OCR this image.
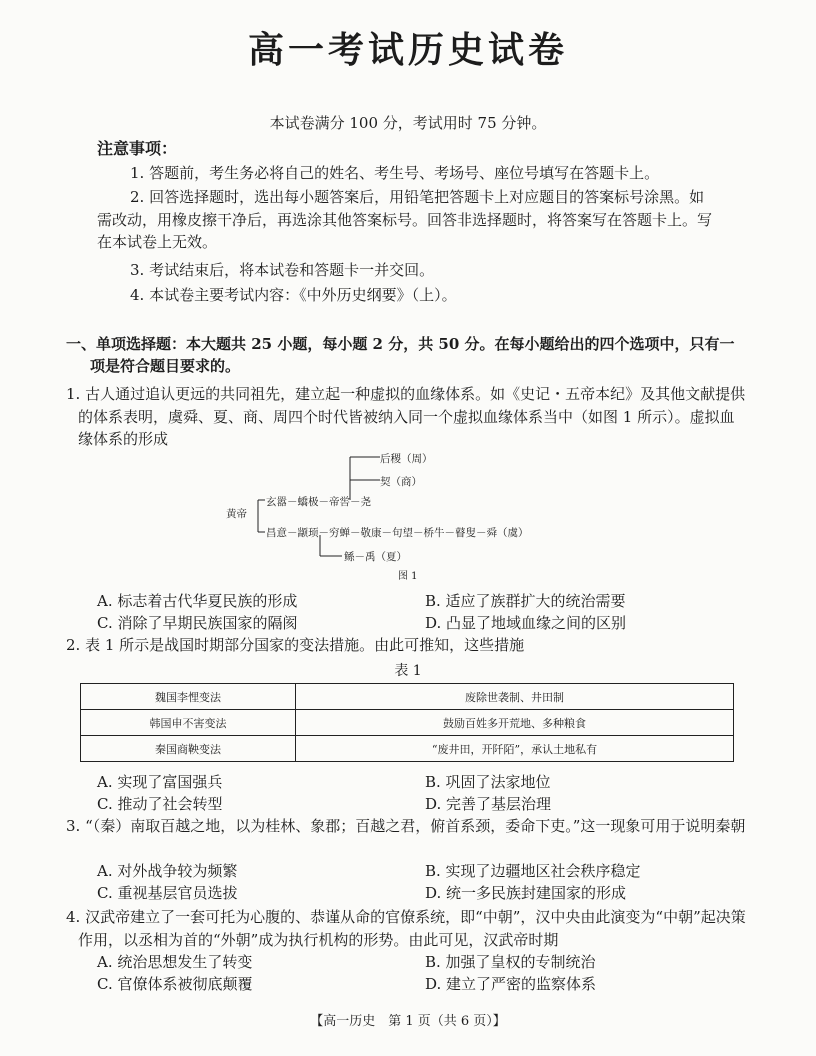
高一考试历史试卷
本试卷满分 100 分，考试用时 75 分钟。
注意事项：
1. 答题前，考生务必将自己的姓名、考生号、考场号、座位号填写在答题卡上。
2. 回答选择题时，选出每小题答案后，用铅笔把答题卡上对应题目的答案标号涂黑。如需改动，用橡皮擦干净后，再选涂其他答案标号。回答非选择题时，将答案写在答题卡上。写在本试卷上无效。
3. 考试结束后，将本试卷和答题卡一并交回。
4. 本试卷主要考试内容：《中外历史纲要》（上）。
一、单项选择题：本大题共 25 小题，每小题 2 分，共 50 分。在每小题给出的四个选项中，只有一项是符合题目要求的。
1. 古人通过追认更远的共同祖先，建立起一种虚拟的血缘体系。如《史记・五帝本纪》及其他文献提供的体系表明，虞舜、夏、商、周四个时代皆被纳入同一个虚拟血缘体系当中（如图 1 所示）。虚拟血缘体系的形成
后稷（周）
契（商）
黄帝
玄嚣－蟜极－帝喾－尧
昌意－颛顼－穷蝉－敬康－句望－桥牛－瞽叟－舜（虞）
鲧－禹（夏）
图 1
A. 标志着古代华夏民族的形成	B. 适应了族群扩大的统治需要
C. 消除了早期民族国家的隔阂	D. 凸显了地域血缘之间的区别
2. 表 1 所示是战国时期部分国家的变法措施。由此可推知，这些措施
表 1
魏国李悝变法	废除世袭制、井田制
韩国申不害变法	鼓励百姓多开荒地、多种粮食
秦国商鞅变法	“废井田，开阡陌”，承认土地私有
A. 实现了富国强兵	B. 巩固了法家地位
C. 推动了社会转型	D. 完善了基层治理
3. “（秦）南取百越之地，以为桂林、象郡；百越之君，俯首系颈，委命下吏。”这一现象可用于说明秦朝
A. 对外战争较为频繁	B. 实现了边疆地区社会秩序稳定
C. 重视基层官员选拔	D. 统一多民族封建国家的形成
4. 汉武帝建立了一套可托为心腹的、恭谨从命的官僚系统，即“中朝”，汉中央由此演变为“中朝”起决策作用，以丞相为首的“外朝”成为执行机构的形势。由此可见，汉武帝时期
A. 统治思想发生了转变	B. 加强了皇权的专制统治
C. 官僚体系被彻底颠覆	D. 建立了严密的监察体系
【高一历史　第 1 页（共 6 页）】
